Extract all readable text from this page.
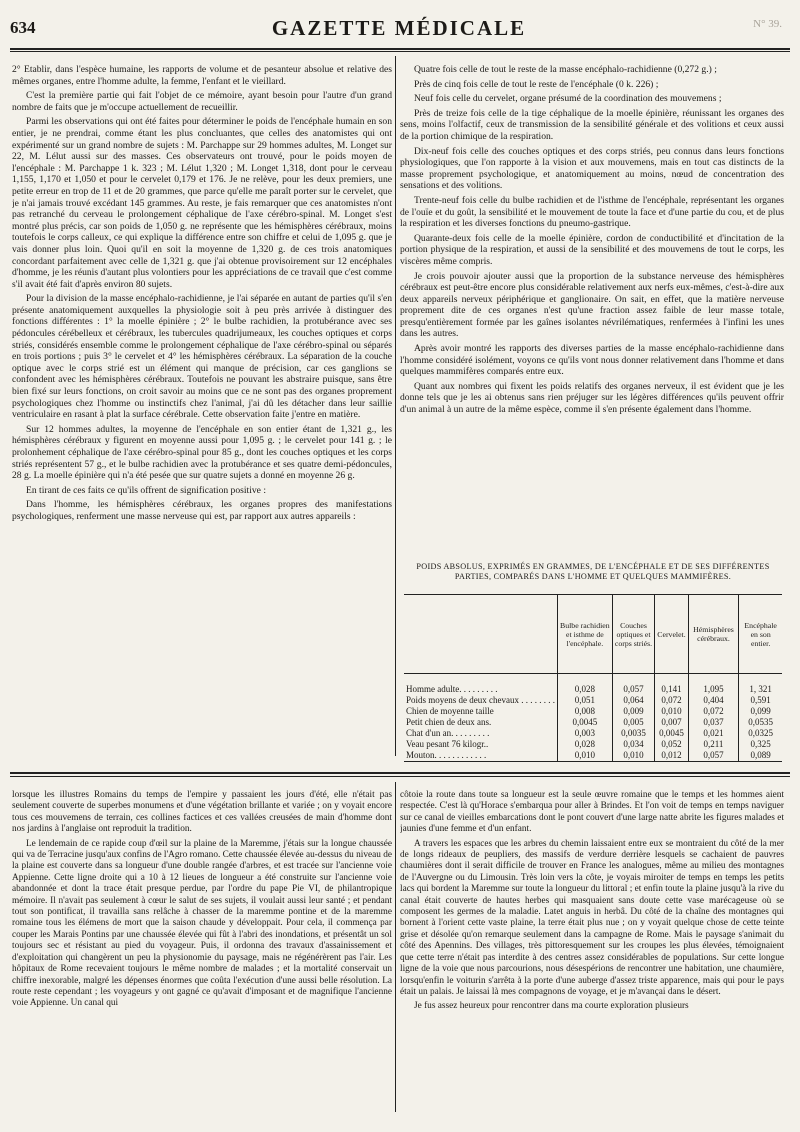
634	GAZETTE MÉDICALE	N° 39.

2° Etablir, dans l'espèce humaine, les rapports de volume et de pesanteur absolue et relative des mêmes organes, entre l'homme adulte, la femme, l'enfant et le vieillard.

C'est la première partie qui fait l'objet de ce mémoire, ayant besoin pour l'autre d'un grand nombre de faits que je m'occupe actuellement de recueillir.

Parmi les observations qui ont été faites pour déterminer le poids de l'encéphale humain en son entier, je ne prendrai, comme étant les plus concluantes, que celles des anatomistes qui ont expérimenté sur un grand nombre de sujets : M. Parchappe sur 29 hommes adultes, M. Longet sur 22, M. Lélut aussi sur des masses. Ces observateurs ont trouvé, pour le poids moyen de l'encéphale : M. Parchappe 1 k. 323 ; M. Lélut 1,320 ; M. Longet 1,318, dont pour le cerveau 1,155, 1,170 et 1,050 et pour le cervelet 0,179 et 176. Je ne relève, pour les deux premiers, une petite erreur en trop de 11 et de 20 grammes, que parce qu'elle me paraît porter sur le cervelet, que je n'ai jamais trouvé excédant 145 grammes. Au reste, je fais remarquer que ces anatomistes n'ont pas retranché du cerveau le prolongement céphalique de l'axe cérébro-spinal. M. Longet s'est montré plus précis, car son poids de 1,050 g. ne représente que les hémisphères cérébraux, moins toutefois le corps calleux, ce qui explique la différence entre son chiffre et celui de 1,095 g. que je vais donner plus loin. Quoi qu'il en soit la moyenne de 1,320 g. de ces trois anatomiques concordant parfaitement avec celle de 1,321 g. que j'ai obtenue provisoirement sur 12 encéphales d'homme, je les réunis d'autant plus volontiers pour les appréciations de ce travail que c'est comme s'il avait été fait d'après environ 80 sujets.

Pour la division de la masse encéphalo-rachidienne, je l'ai séparée en autant de parties qu'il s'en présente anatomiquement auxquelles la physiologie soit à peu près arrivée à distinguer des fonctions différentes : 1° la moelle épinière ; 2° le bulbe rachidien, la protubérance avec ses pédoncules cérébelleux et cérébraux, les tubercules quadrijumeaux, les couches optiques et corps striés, considérés ensemble comme le prolongement céphalique de l'axe cérébro-spinal ou séparés en trois portions ; puis 3° le cervelet et 4° les hémisphères cérébraux. La séparation de la couche optique avec le corps strié est un élément qui manque de précision, car ces ganglions se confondent avec les hémisphères cérébraux. Toutefois ne pouvant les abstraire puisque, sans être bien fixé sur leurs fonctions, on croit savoir au moins que ce ne sont pas des organes proprement psychologiques chez l'homme ou instinctifs chez l'animal, j'ai dû les détacher dans leur saillie ventriculaire en rasant à plat la surface cérébrale. Cette observation faite j'entre en matière.

Sur 12 hommes adultes, la moyenne de l'encéphale en son entier étant de 1,321 g., les hémisphères cérébraux y figurent en moyenne aussi pour 1,095 g. ; le cervelet pour 141 g. ; le prolonhement céphalique de l'axe cérébro-spinal pour 85 g., dont les couches optiques et les corps striés représentent 57 g., et le bulbe rachidien avec la protubérance et ses quatre demi-pédoncules, 28 g. La moelle épinière qui n'a été pesée que sur quatre sujets a donné en moyenne 26 g.

En tirant de ces faits ce qu'ils offrent de signification positive :

Dans l'homme, les hémisphères cérébraux, les organes propres des manifestations psychologiques, renferment une masse nerveuse qui est, par rapport aux autres appareils :

Quatre fois celle de tout le reste de la masse encéphalo-rachidienne (0,272 g.) ;

Près de cinq fois celle de tout le reste de l'encéphale (0 k. 226) ;

Neuf fois celle du cervelet, organe présumé de la coordination des mouvemens ;

Près de treize fois celle de la tige céphalique de la moelle épinière, réunissant les organes des sens, moins l'olfactif, ceux de transmission de la sensibilité générale et des volitions et ceux aussi de la portion chimique de la respiration.

Dix-neuf fois celle des couches optiques et des corps striés, peu connus dans leurs fonctions physiologiques, que l'on rapporte à la vision et aux mouvemens, mais en tout cas distincts de la masse proprement psychologique, et anatomiquement au moins, nœud de concentration des sensations et des volitions.

Trente-neuf fois celle du bulbe rachidien et de l'isthme de l'encéphale, représentant les organes de l'ouïe et du goût, la sensibilité et le mouvement de toute la face et d'une partie du cou, et de plus la respiration et les diverses fonctions du pneumo-gastrique.

Quarante-deux fois celle de la moelle épinière, cordon de conductibilité et d'incitation de la portion physique de la respiration, et aussi de la sensibilité et des mouvemens de tout le corps, les viscères même compris.

Je crois pouvoir ajouter aussi que la proportion de la substance nerveuse des hémisphères cérébraux est peut-être encore plus considérable relativement aux nerfs eux-mêmes, c'est-à-dire aux deux appareils nerveux périphérique et ganglionaire. On sait, en effet, que la matière nerveuse proprement dite de ces organes n'est qu'une fraction assez faible de leur masse totale, presqu'entièrement formée par les gaînes isolantes névrilématiques, renfermées à l'infini les unes dans les autres.

Après avoir montré les rapports des diverses parties de la masse encéphalo-rachidienne dans l'homme considéré isolément, voyons ce qu'ils vont nous donner relativement dans l'homme et dans quelques mammifères comparés entre eux.

Quant aux nombres qui fixent les poids relatifs des organes nerveux, il est évident que je les donne tels que je les ai obtenus sans rien préjuger sur les légères différences qu'ils peuvent offrir d'un animal à un autre de la même espèce, comme il s'en présente également dans l'homme.

POIDS ABSOLUS, EXPRIMÉS EN GRAMMES, DE L'ENCÉPHALE ET DE SES DIFFÉRENTES PARTIES, COMPARÉS DANS L'HOMME ET QUELQUES MAMMIFÈRES.
	Bulbe rachidien et isthme de l'encéphale.	Couches optiques et corps striés.	Cervelet.	Hémisphères cérébraux.	Encéphale en son entier.
Homme adulte. . . . . . . . .	0,028	0,057	0,141	1,095	1, 321
Poids moyens de deux chevaux . . . . . . . .	0,051	0,064	0,072	0,404	0,591
Chien de moyenne taille	0,008	0,009	0,010	0,072	0,099
Petit chien de deux ans.	0,0045	0,005	0,007	0,037	0,0535
Chat d'un an. . . . . . . . .	0,003	0,0035	0,0045	0,021	0,0325
Veau pesant 76 kilogr..	0,028	0,034	0,052	0,211	0,325
Mouton. . . . . . . . . . . .	0,010	0,010	0,012	0,057	0,089

lorsque les illustres Romains du temps de l'empire y passaient les jours d'été, elle n'était pas seulement couverte de superbes monumens et d'une végétation brillante et variée ; on y voyait encore tous ces mouvemens de terrain, ces collines factices et ces vallées creusées de main d'homme dont nos jardins à l'anglaise ont reproduit la tradition.

Le lendemain de ce rapide coup d'œil sur la plaine de la Maremme, j'étais sur la longue chaussée qui va de Terracine jusqu'aux confins de l'Agro romano. Cette chaussée élevée au-dessus du niveau de la plaine est couverte dans sa longueur d'une double rangée d'arbres, et est tracée sur l'ancienne voie Appienne. Cette ligne droite qui a 10 à 12 lieues de longueur a été construite sur l'ancienne voie abandonnée et dont la trace était presque perdue, par l'ordre du pape Pie VI, de philantropique mémoire. Il n'avait pas seulement à cœur le salut de ses sujets, il voulait aussi leur santé ; et pendant tout son pontificat, il travailla sans relâche à chasser de la maremme pontine et de la maremme romaine tous les élémens de mort que la saison chaude y développait. Pour cela, il commença par couper les Marais Pontins par une chaussée élevée qui fût à l'abri des inondations, et présentât un sol toujours sec et résistant au pied du voyageur. Puis, il ordonna des travaux d'assainissement et d'exploitation qui changèrent un peu la physionomie du paysage, mais ne régénérèrent pas l'air. Les hôpitaux de Rome recevaient toujours le même nombre de malades ; et la mortalité conservait un chiffre inexorable, malgré les dépenses énormes que coûta l'exécution d'une aussi belle résolution. La route reste cependant ; les voyageurs y ont gagné ce qu'avait d'imposant et de magnifique l'ancienne voie Appienne. Un canal qui

côtoie la route dans toute sa longueur est la seule œuvre romaine que le temps et les hommes aient respectée. C'est là qu'Horace s'embarqua pour aller à Brindes. Et l'on voit de temps en temps naviguer sur ce canal de vieilles embarcations dont le pont couvert d'une large natte abrite les figures malades et jaunies d'une femme et d'un enfant.

A travers les espaces que les arbres du chemin laissaient entre eux se montraient du côté de la mer de longs rideaux de peupliers, des massifs de verdure derrière lesquels se cachaient de pauvres chaumières dont il serait difficile de trouver en France les analogues, même au milieu des montagnes de l'Auvergne ou du Limousin. Très loin vers la côte, je voyais miroiter de temps en temps les petits lacs qui bordent la Maremme sur toute la longueur du littoral ; et enfin toute la plaine jusqu'à la rive du canal était couverte de hautes herbes qui masquaient sans doute cette vase marécageuse où se composent les germes de la maladie. Latet anguis in herbâ. Du côté de la chaîne des montagnes qui bornent à l'orient cette vaste plaine, la terre était plus nue ; on y voyait quelque chose de cette teinte grise et désolée qu'on remarque seulement dans la campagne de Rome. Mais le paysage s'animait du côté des Apennins. Des villages, très pittoresquement sur les croupes les plus élevées, témoignaient que cette terre n'était pas interdite à des centres assez considérables de populations. Sur cette longue ligne de la voie que nous parcourions, nous désespérions de rencontrer une habitation, une chaumière, lorsqu'enfin le voiturin s'arrêta à la porte d'une auberge d'assez triste apparence, mais qui pour le pays était un palais. Je laissai là mes compagnons de voyage, et je m'avançai dans le désert.

Je fus assez heureux pour rencontrer dans ma courte exploration plusieurs
